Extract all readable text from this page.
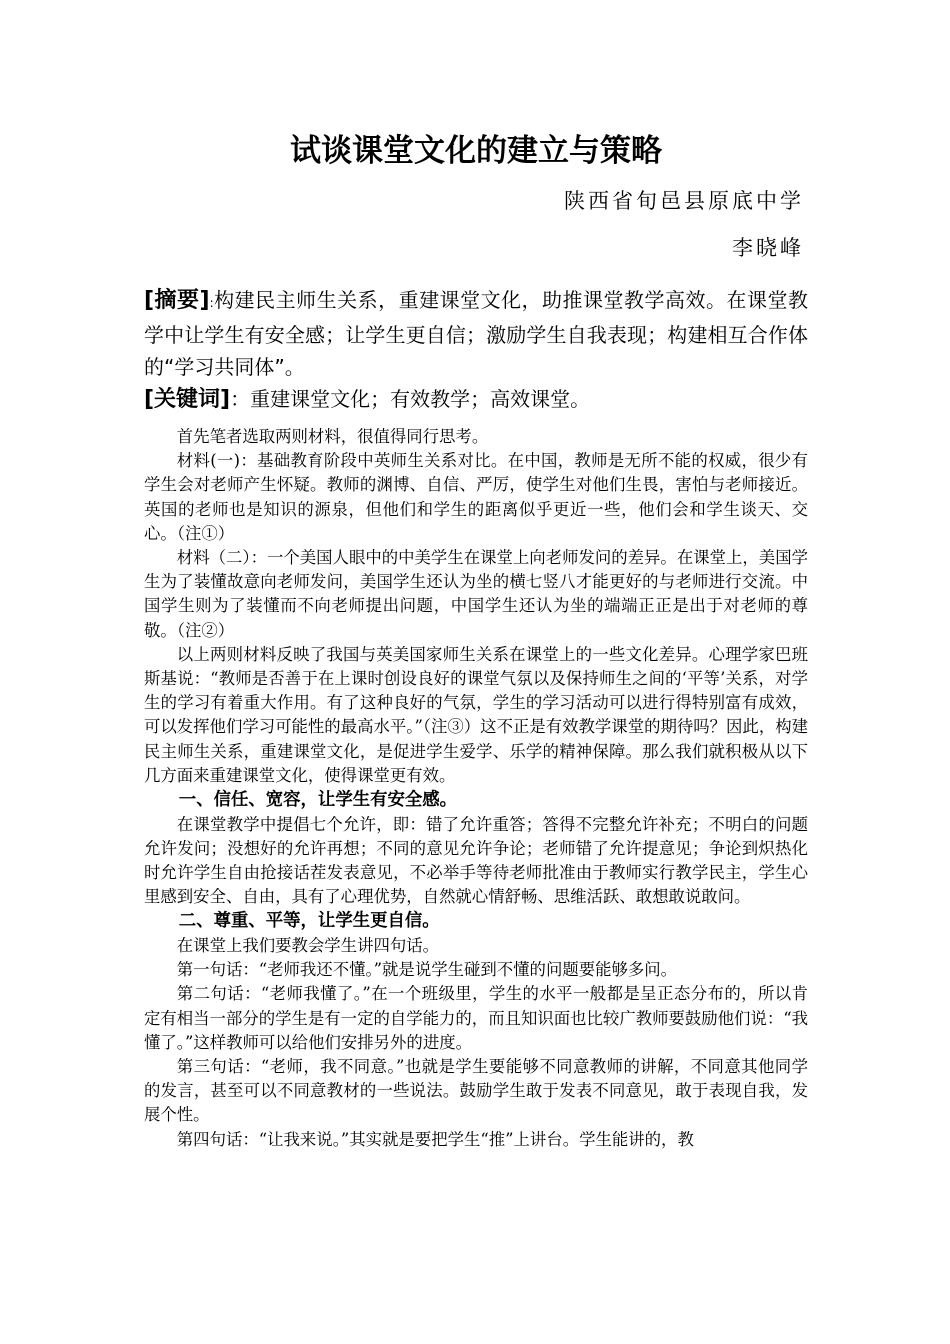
试谈课堂文化的建立与策略
陕西省旬邑县原底中学
李晓峰
[摘要]:构建民主师生关系，重建课堂文化，助推课堂教学高效。在课堂教学中让学生有安全感；让学生更自信；激励学生自我表现；构建相互合作体的“学习共同体”。
[关键词]：重建课堂文化；有效教学；高效课堂。

首先笔者选取两则材料，很值得同行思考。

材料(一)：基础教育阶段中英师生关系对比。在中国，教师是无所不能的权威，很少有学生会对老师产生怀疑。教师的渊博、自信、严厉，使学生对他们生畏，害怕与老师接近。英国的老师也是知识的源泉，但他们和学生的距离似乎更近一些，他们会和学生谈天、交心。（注①）

材料（二）：一个美国人眼中的中美学生在课堂上向老师发问的差异。在课堂上，美国学生为了装懂故意向老师发问，美国学生还认为坐的横七竖八才能更好的与老师进行交流。中国学生则为了装懂而不向老师提出问题，中国学生还认为坐的端端正正是出于对老师的尊敬。（注②）

以上两则材料反映了我国与英美国家师生关系在课堂上的一些文化差异。心理学家巴班斯基说：“教师是否善于在上课时创设良好的课堂气氛以及保持师生之间的‘平等’关系，对学生的学习有着重大作用。有了这种良好的气氛，学生的学习活动可以进行得特别富有成效，可以发挥他们学习可能性的最高水平。”（注③）这不正是有效教学课堂的期待吗？因此，构建民主师生关系，重建课堂文化，是促进学生爱学、乐学的精神保障。那么我们就积极从以下几方面来重建课堂文化，使得课堂更有效。

一、信任、宽容，让学生有安全感。

在课堂教学中提倡七个允许，即：错了允许重答；答得不完整允许补充；不明白的问题允许发问；没想好的允许再想；不同的意见允许争论；老师错了允许提意见；争论到炽热化时允许学生自由抢接话茬发表意见，不必举手等待老师批准由于教师实行教学民主，学生心里感到安全、自由，具有了心理优势，自然就心情舒畅、思维活跃、敢想敢说敢问。

二、尊重、平等，让学生更自信。

在课堂上我们要教会学生讲四句话。

第一句话：“老师我还不懂。”就是说学生碰到不懂的问题要能够多问。

第二句话：“老师我懂了。”在一个班级里，学生的水平一般都是呈正态分布的，所以肯定有相当一部分的学生是有一定的自学能力的，而且知识面也比较广教师要鼓励他们说：“我懂了。”这样教师可以给他们安排另外的进度。

第三句话：“老师，我不同意。”也就是学生要能够不同意教师的讲解，不同意其他同学的发言，甚至可以不同意教材的一些说法。鼓励学生敢于发表不同意见，敢于表现自我，发展个性。

第四句话：“让我来说。”其实就是要把学生“推”上讲台。学生能讲的，教
